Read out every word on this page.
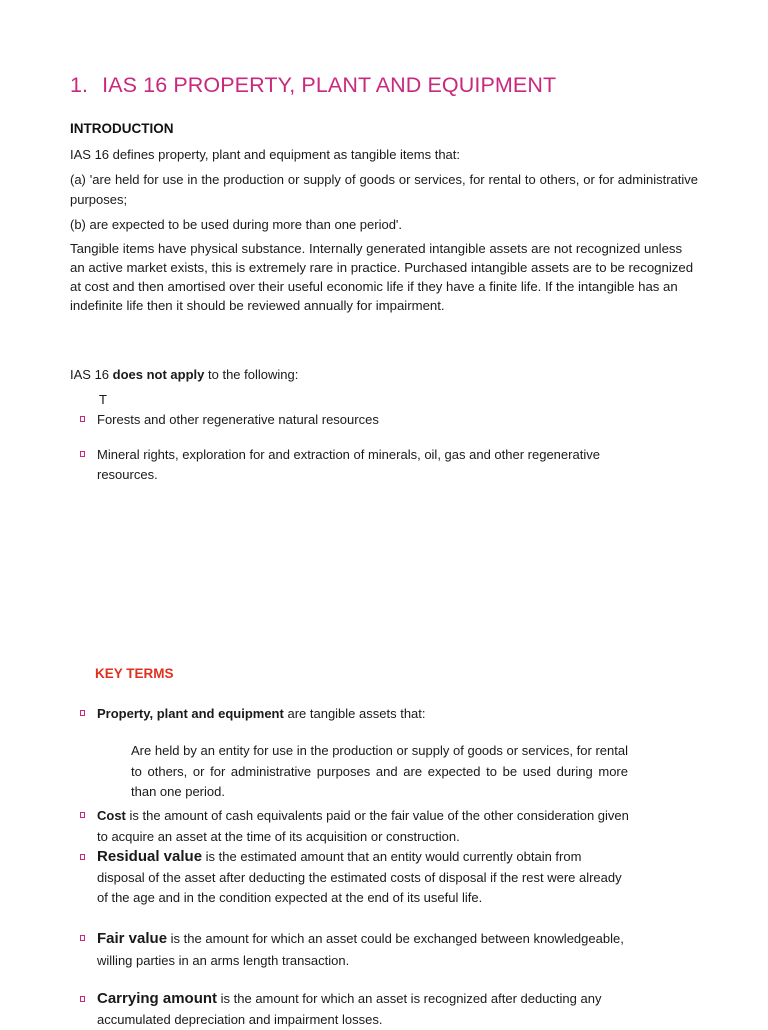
1. IAS 16 PROPERTY, PLANT AND EQUIPMENT
INTRODUCTION
IAS 16 defines property, plant and equipment as tangible items that:
(a) 'are held for use in the production or supply of goods or services, for rental to others, or for administrative purposes;
(b) are expected to be used during more than one period'.
Tangible items have physical substance. Internally generated intangible assets are not recognized unless an active market exists, this is extremely rare in practice. Purchased intangible assets are to be recognized at cost and then amortised over their useful economic life if they have a finite life. If the intangible has an indefinite life then it should be reviewed annually for impairment.
IAS 16 does not apply to the following:
T
Forests and other regenerative natural resources
Mineral rights, exploration for and extraction of minerals, oil, gas and other regenerative resources.
KEY TERMS
Property, plant and equipment are tangible assets that:
Are held by an entity for use in the production or supply of goods or services, for rental to others, or for administrative purposes and are expected to be used during more than one period.
Cost is the amount of cash equivalents paid or the fair value of the other consideration given to acquire an asset at the time of its acquisition or construction.
Residual value is the estimated amount that an entity would currently obtain from disposal of the asset after deducting the estimated costs of disposal if the rest were already of the age and in the condition expected at the end of its useful life.
Fair value is the amount for which an asset could be exchanged between knowledgeable, willing parties in an arms length transaction.
Carrying amount is the amount for which an asset is recognized after deducting any accumulated depreciation and impairment losses.
